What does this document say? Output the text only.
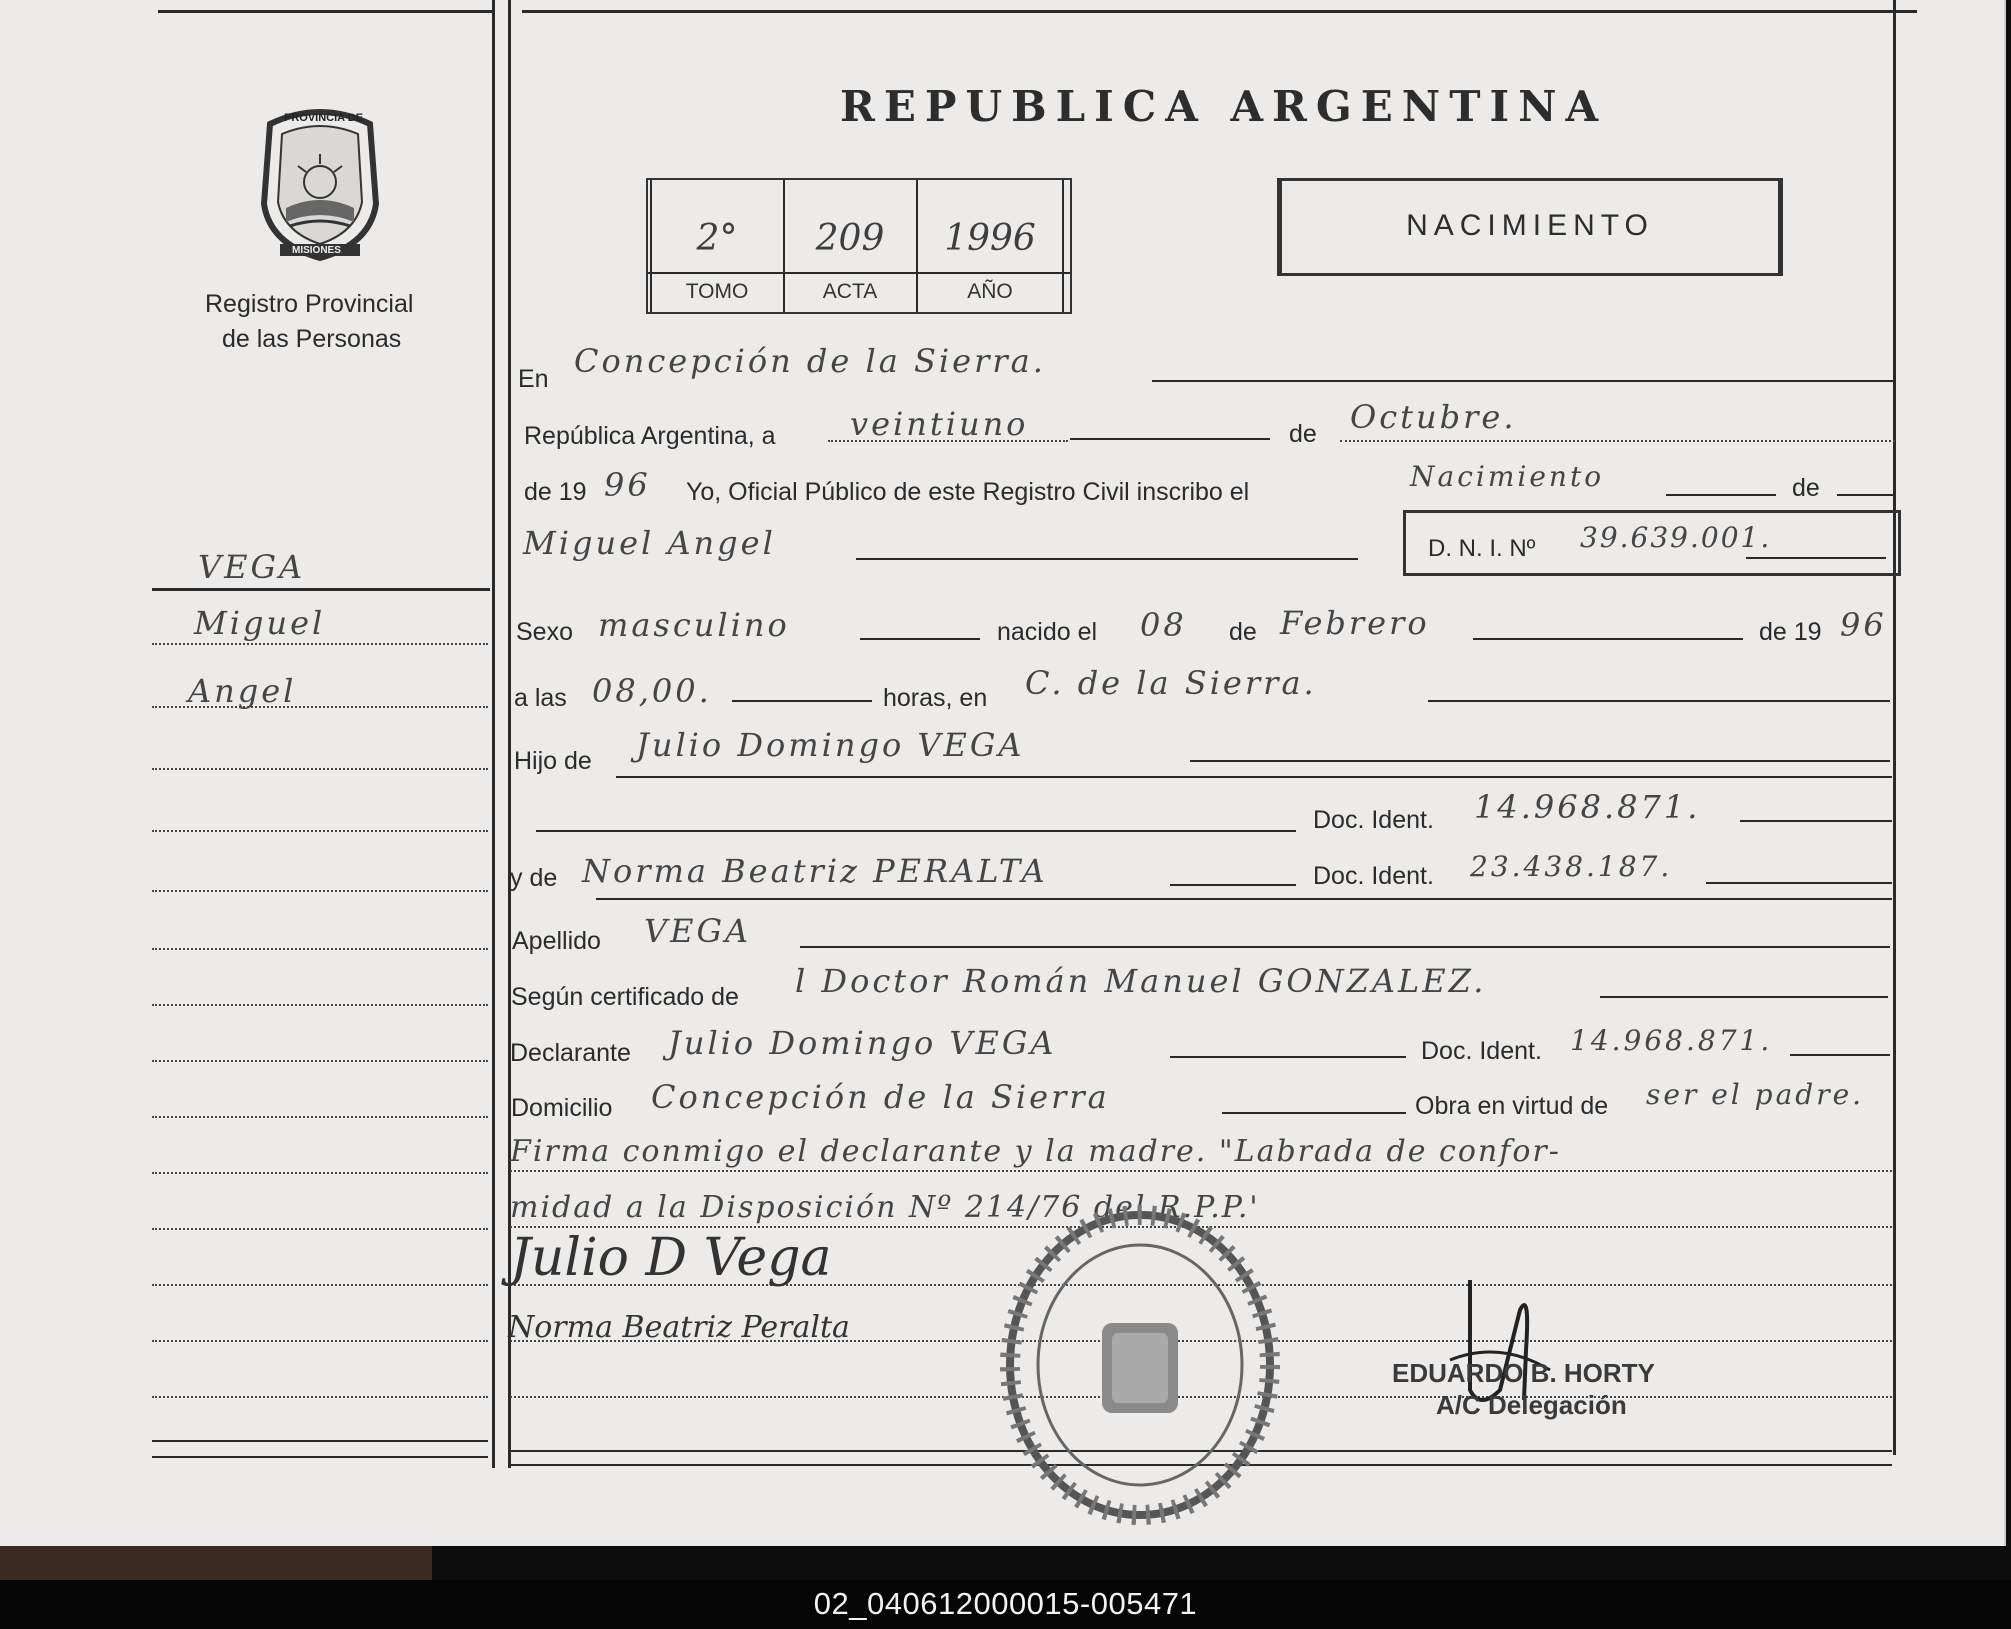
PROVINCIA DE
MISIONES
Registro Provincial
de las Personas
REPUBLICA ARGENTINA
2°	209	1996
TOMO	ACTA	AÑO
NACIMIENTO
En Concepción de la Sierra.
República Argentina, a veintiuno	de Octubre.
de 19 96 Yo, Oficial Público de este Registro Civil inscribo el	Nacimiento	de
Miguel Angel	D. N. I. Nº 39.639.001.
Sexo masculino	nacido el 08 de Febrero	de 19 96
a las 08,00.	horas, en C. de la Sierra.
Hijo de Julio Domingo VEGA
Doc. Ident. 14.968.871.
y de Norma Beatriz PERALTA	Doc. Ident. 23.438.187.
Apellido VEGA
Según certificado de l Doctor Román Manuel GONZALEZ.
Declarante Julio Domingo VEGA	Doc. Ident. 14.968.871.
Domicilio Concepción de la Sierra	Obra en virtud de ser el padre.
Firma conmigo el declarante y la madre. "Labrada de confor-
midad a la Disposición Nº 214/76 del R.P.P.'
VEGA
Miguel
Angel
Julio D Vega
Norma Beatriz Peralta
EDUARDO B. HORTY
A/C Delegación
02_040612000015-005471
